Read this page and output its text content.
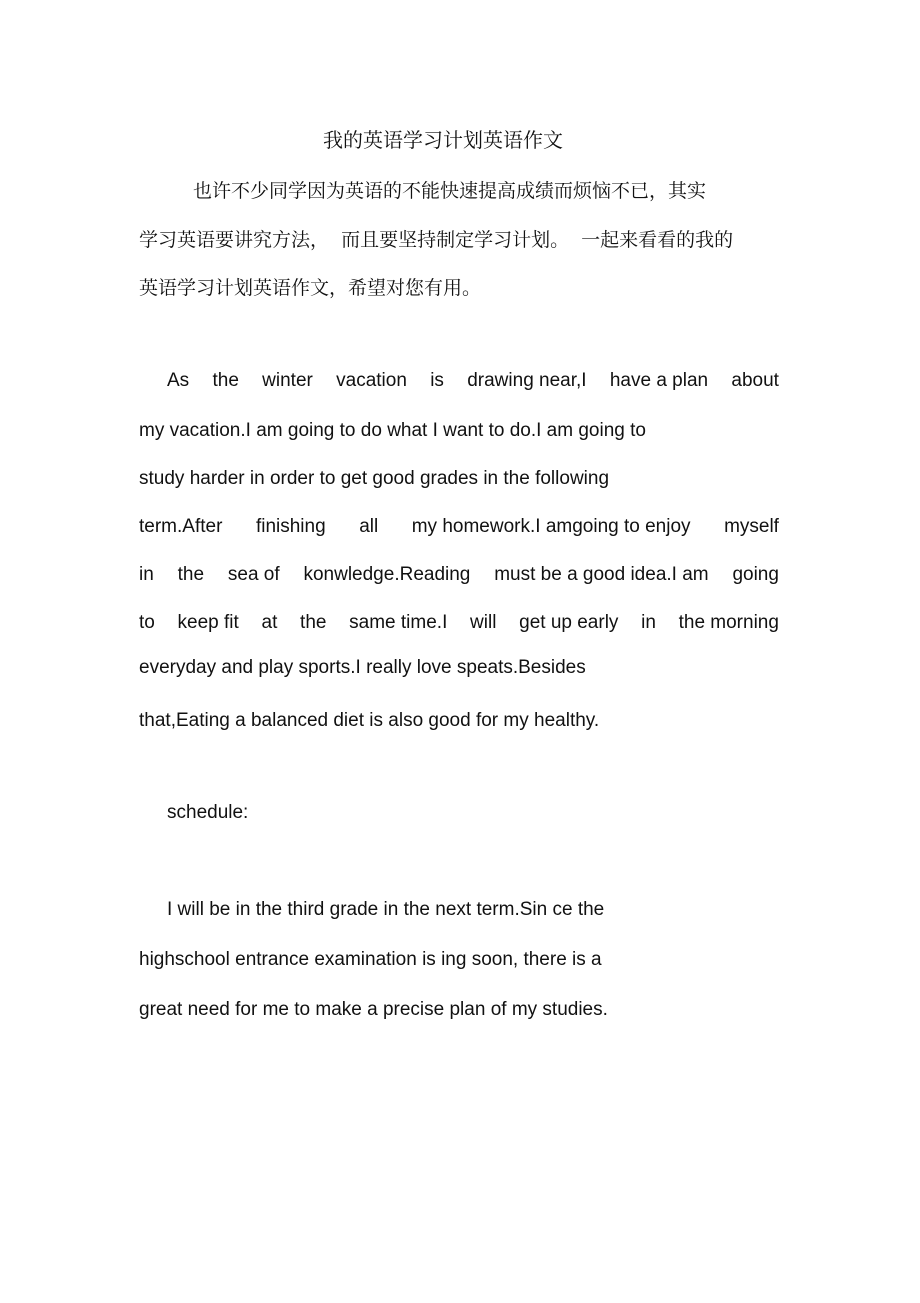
我的英语学习计划英语作文
也许不少同学因为英语的不能快速提高成绩而烦恼不已，其实
学习英语要讲究方法，  而且要坚持制定学习计划。  一起来看看的我的
英语学习计划英语作文，希望对您有用。
As the winter vacation is drawing near,I have a plan about
my vacation.I am going to do what I want to do.I am going to
study harder in order to get good grades in the following
term.After finishing all my homework.I amgoing to enjoy myself
in the sea of konwledge.Reading must be a good idea.I am going
to keep fit at the same time.I will get up early in the morning
everyday and play sports.I really love speats.Besides
that,Eating a balanced diet is also good for my healthy.
schedule:
I will be in the third grade in the next term.Sin ce the
highschool entrance examination is ing soon, there is a
great need for me to make a precise plan of my studies.
